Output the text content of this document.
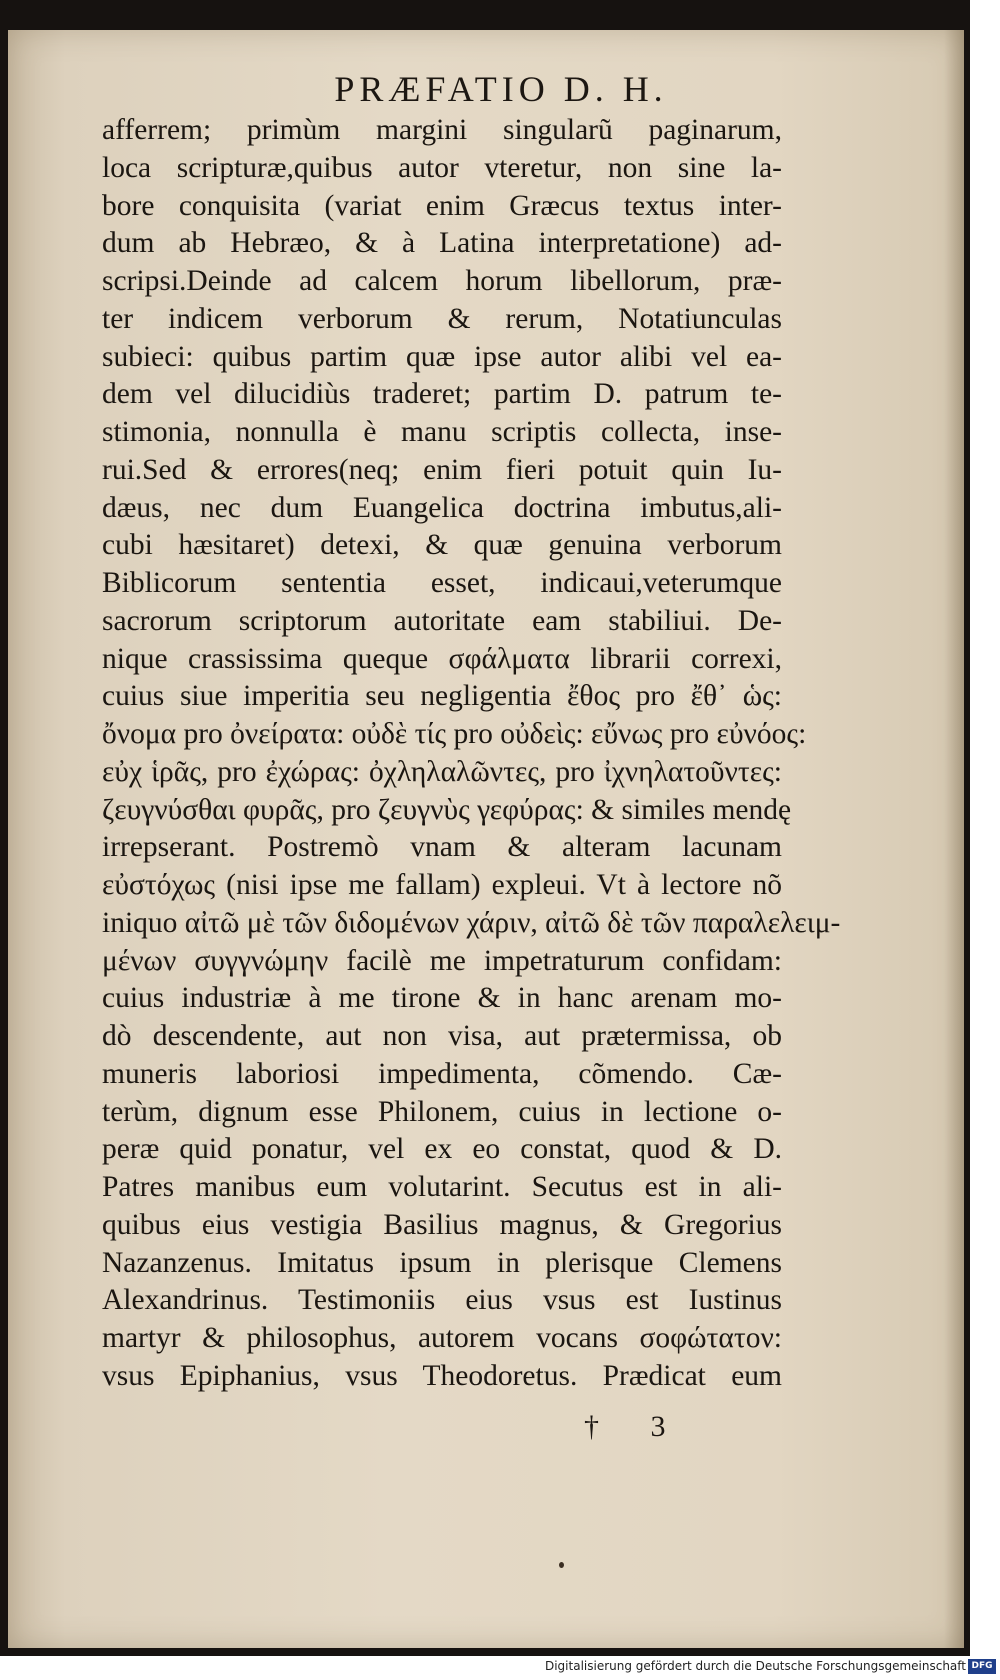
PRÆFATIO D. H.
afferrem; primùm margini singularũ paginarum,
loca scripturæ,quibus autor vteretur, non sine la-
bore conquisita (variat enim Græcus textus inter-
dum ab Hebræo, & à Latina interpretatione) ad-
scripsi.Deinde ad calcem horum libellorum, præ-
ter indicem verborum & rerum, Notatiunculas
subieci: quibus partim quæ ipse autor alibi vel ea-
dem vel dilucidiùs traderet; partim D. patrum te-
stimonia, nonnulla è manu scriptis collecta, inse-
rui.Sed & errores(neq; enim fieri potuit quin Iu-
dæus, nec dum Euangelica doctrina imbutus,ali-
cubi hæsitaret) detexi, & quæ genuina verborum
Biblicorum sententia esset, indicaui,veterumque
sacrorum scriptorum autoritate eam stabiliui. De-
nique crassissima queque σφάλματα librarii correxi,
cuius siue imperitia seu negligentia ἔθος pro ἔθ᾽ ὡς:
ὄνομα pro ὀνείρατα: οὐδὲ τίς pro οὐδεὶς: εὔνως pro εὐνόος:
εὐχ ἱρᾶς, pro ἐχώρας: ὀχληλαλῶντες, pro ἰχνηλατοῦντες:
ζευγνύσθαι φυρᾶς, pro ζευγνὺς γεφύρας: & similes mendę
irrepserant. Postremò vnam & alteram lacunam
εὐστόχως (nisi ipse me fallam) expleui. Vt à lectore nõ
iniquo αἰτῶ μὲ τῶν διδομένων χάριν, αἰτῶ δὲ τῶν παραλελειμ-
μένων συγγνώμην facilè me impetraturum confidam:
cuius industriæ à me tirone & in hanc arenam mo-
dò descendente, aut non visa, aut prætermissa, ob
muneris laboriosi impedimenta, cõmendo. Cæ-
terùm, dignum esse Philonem, cuius in lectione o-
peræ quid ponatur, vel ex eo constat, quod & D.
Patres manibus eum volutarint. Secutus est in ali-
quibus eius vestigia Basilius magnus, & Gregorius
Nazanzenus. Imitatus ipsum in plerisque Clemens
Alexandrinus. Testimoniis eius vsus est Iustinus
martyr & philosophus, autorem vocans σοφώτατον:
vsus Epiphanius, vsus Theodoretus. Prædicat eum
† 3
Digitalisierung gefördert durch die Deutsche Forschungsgemeinschaft DFG
